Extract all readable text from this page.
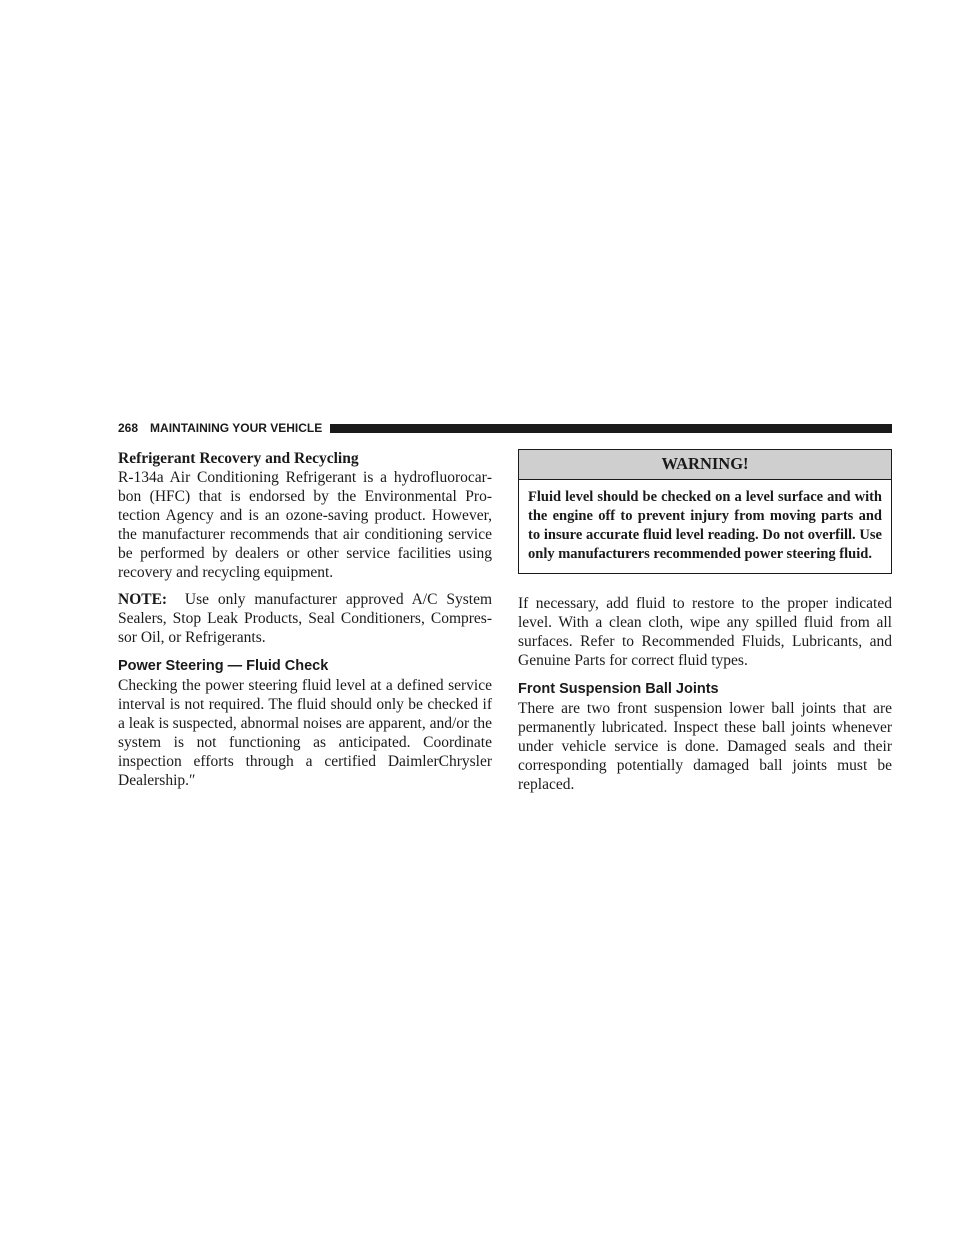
268 MAINTAINING YOUR VEHICLE
Refrigerant Recovery and Recycling

R-134a Air Conditioning Refrigerant is a hydrofluorocarbon (HFC) that is endorsed by the Environmental Protection Agency and is an ozone-saving product. However, the manufacturer recommends that air conditioning service be performed by dealers or other service facilities using recovery and recycling equipment.

NOTE: Use only manufacturer approved A/C System Sealers, Stop Leak Products, Seal Conditioners, Compressor Oil, or Refrigerants.

Power Steering — Fluid Check

Checking the power steering fluid level at a defined service interval is not required. The fluid should only be checked if a leak is suspected, abnormal noises are apparent, and/or the system is not functioning as anticipated. Coordinate inspection efforts through a certified DaimlerChrysler Dealership.″

WARNING!

Fluid level should be checked on a level surface and with the engine off to prevent injury from moving parts and to insure accurate fluid level reading. Do not overfill. Use only manufacturers recommended power steering fluid.

If necessary, add fluid to restore to the proper indicated level. With a clean cloth, wipe any spilled fluid from all surfaces. Refer to Recommended Fluids, Lubricants, and Genuine Parts for correct fluid types.

Front Suspension Ball Joints

There are two front suspension lower ball joints that are permanently lubricated. Inspect these ball joints whenever under vehicle service is done. Damaged seals and their corresponding potentially damaged ball joints must be replaced.
